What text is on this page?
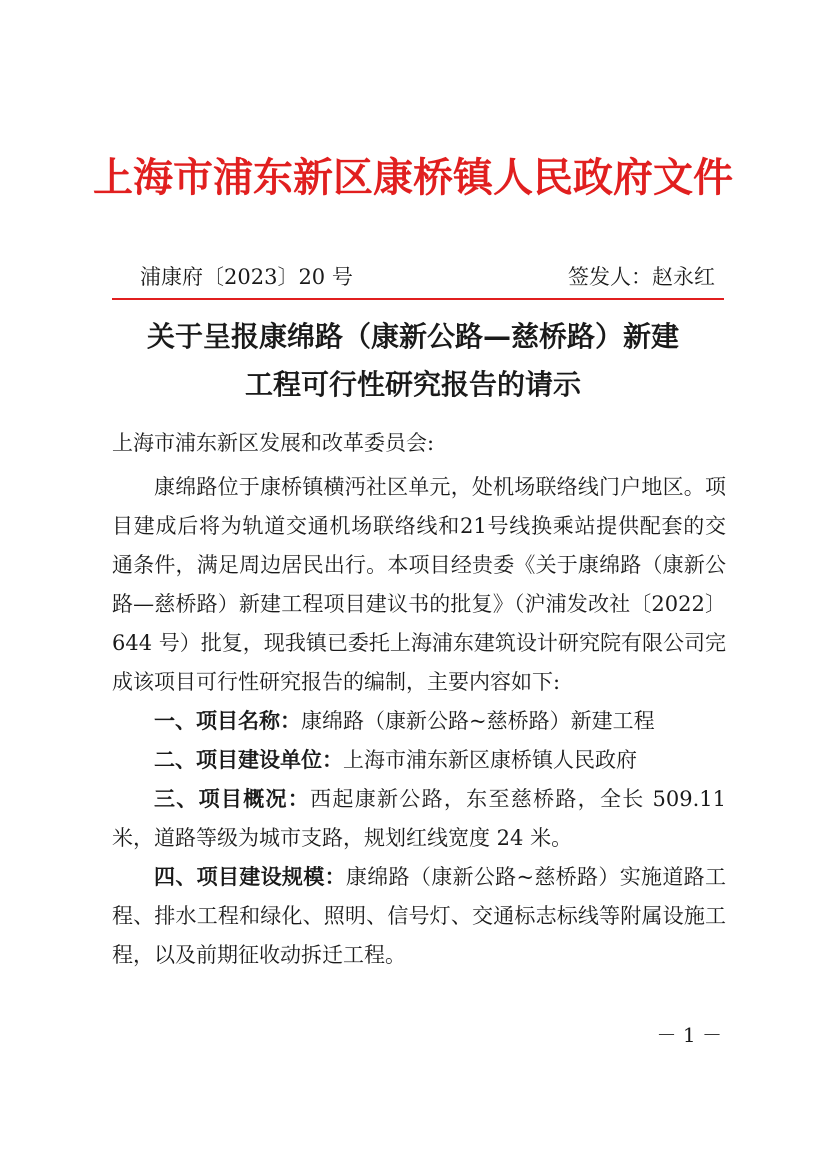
上海市浦东新区康桥镇人民政府文件
浦康府〔2023〕20 号	签发人：赵永红
关于呈报康绵路（康新公路—慈桥路）新建
工程可行性研究报告的请示
上海市浦东新区发展和改革委员会:

康绵路位于康桥镇横沔社区单元，处机场联络线门户地区。项目建成后将为轨道交通机场联络线和21号线换乘站提供配套的交通条件，满足周边居民出行。本项目经贵委《关于康绵路（康新公路—慈桥路）新建工程项目建议书的批复》（沪浦发改社〔2022〕644 号）批复，现我镇已委托上海浦东建筑设计研究院有限公司完成该项目可行性研究报告的编制，主要内容如下:

一、项目名称：康绵路（康新公路~慈桥路）新建工程

二、项目建设单位：上海市浦东新区康桥镇人民政府

三、项目概况：西起康新公路，东至慈桥路，全长 509.11 米，道路等级为城市支路，规划红线宽度 24 米。

四、项目建设规模：康绵路（康新公路~慈桥路）实施道路工程、排水工程和绿化、照明、信号灯、交通标志标线等附属设施工程，以及前期征收动拆迁工程。

－ 1 －
